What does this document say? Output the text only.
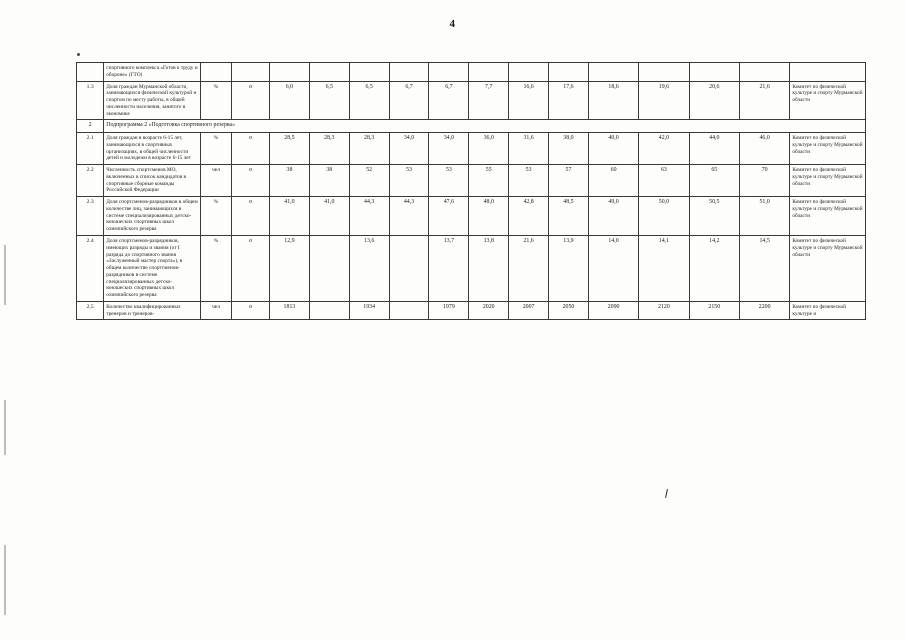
4
	спортивного комплекса «Готов к труду и обороне» (ГТО)															
1.3	Доля граждан Мурманской области, занимающихся физической культурой и спортом по месту работы, в общей численности населения, занятого в экономике	%	о	6,0	6,5	6,5	6,7	6,7	7,7	16,6	17,6	18,6	19,6	20,6	21,6	Комитет по физической культуре и спорту Мурманской области
2	Подпрограмма 2 «Подготовка спортивного резерва»															
2.1	Доля граждан в возрасте 6-15 лет, занимающихся в спортивных организациях, в общей численности детей и молодежи в возрасте 6-15 лет	%	о	28,5	28,3	28,3	34,0	34,0	36,0	31,6	38,0	40,0	42,0	44,0	46,0	Комитет по физической культуре и спорту Мурманской области
2.2	Численность спортсменов МО, включенных в список кандидатов в спортивные сборные команды Российской Федерации	чел	о	38	38	52	53	53	55	53	57	60	63	65	70	Комитет по физической культуре и спорту Мурманской области
2.3	Доля спортсменов-разрядников в общем количестве лиц, занимающихся в системе специализированных детско-юношеских спортивных школ олимпийского резерва	%	о	41,0	41,0	44,3	44,3	47,6	48,0	42,8	48,5	49,0	50,0	50,5	51,0	Комитет по физической культуре и спорту Мурманской области
2.4	Доля спортсменов-разрядников, имеющих разряды и звания (от I разряда до спортивного звания «Заслуженный мастер спорта»), в общем количестве спортсменов-разрядников в системе специализированных детско-юношеских спортивных школ олимпийского резерва	%	о	12,9		13,6		13,7	13,8	21,6	13,9	14,0	14,1	14,2	14,5	Комитет по физической культуре и спорту Мурманской области
2,5	Количество квалифицированных тренеров и тренеров-	чел	о	1813		1934		1979	2020	2007	2050	2090	2120	2150	2200	Комитет по физической культуре и
